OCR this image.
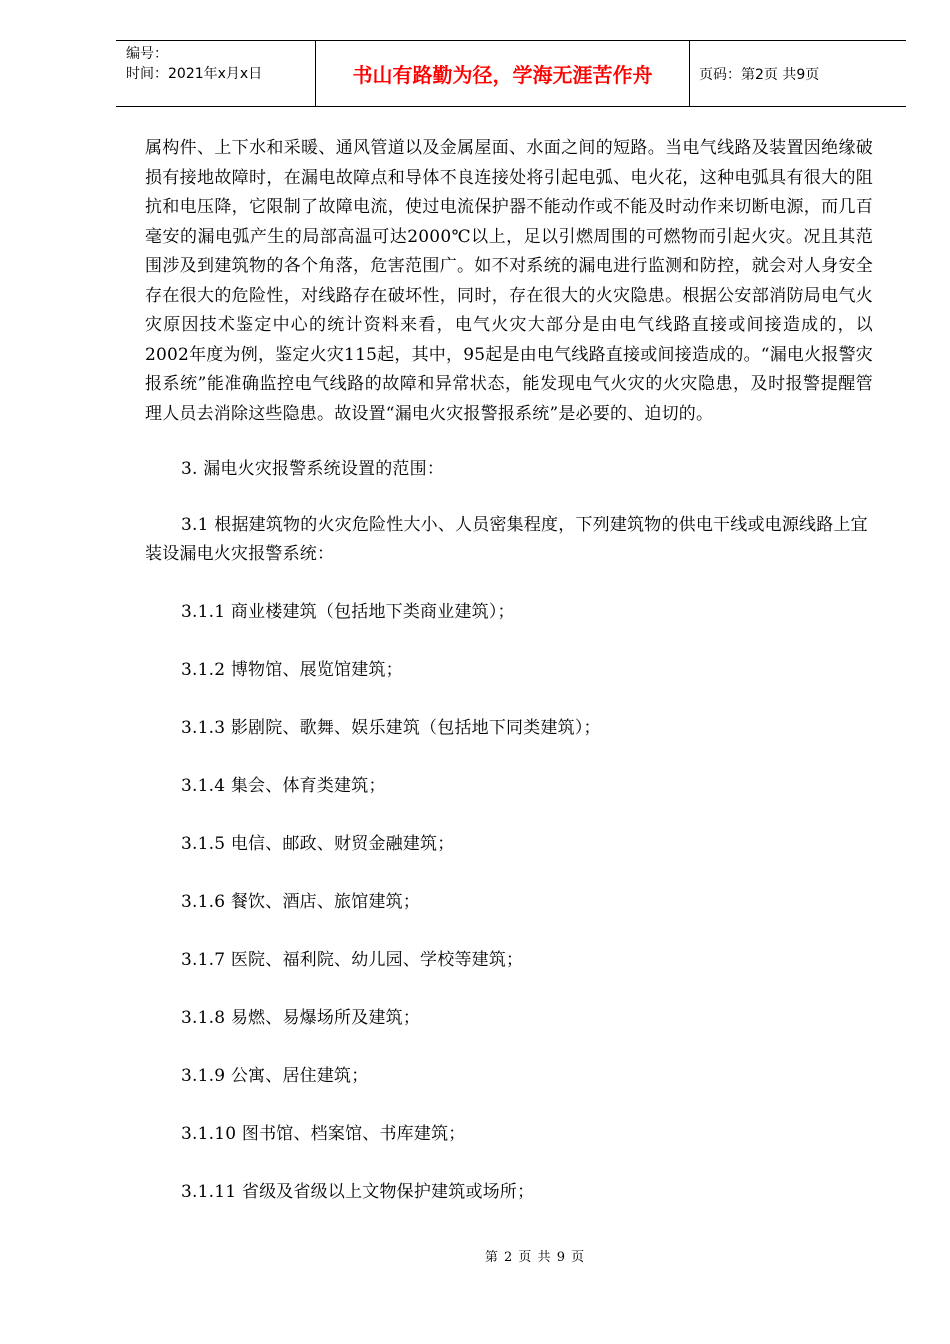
编号：
时间：2021年x月x日	书山有路勤为径，学海无涯苦作舟	页码：第2页 共9页

属构件、上下水和采暖、通风管道以及金属屋面、水面之间的短路。当电气线路及装置因绝缘破损有接地故障时，在漏电故障点和导体不良连接处将引起电弧、电火花，这种电弧具有很大的阻抗和电压降，它限制了故障电流，使过电流保护器不能动作或不能及时动作来切断电源，而几百毫安的漏电弧产生的局部高温可达2000℃以上，足以引燃周围的可燃物而引起火灾。况且其范围涉及到建筑物的各个角落，危害范围广。如不对系统的漏电进行监测和防控，就会对人身安全存在很大的危险性，对线路存在破坏性，同时，存在很大的火灾隐患。根据公安部消防局电气火灾原因技术鉴定中心的统计资料来看，电气火灾大部分是由电气线路直接或间接造成的，以2002年度为例，鉴定火灾115起，其中，95起是由电气线路直接或间接造成的。“漏电火报警灾报系统”能准确监控电气线路的故障和异常状态，能发现电气火灾的火灾隐患，及时报警提醒管理人员去消除这些隐患。故设置“漏电火灾报警报系统”是必要的、迫切的。

3. 漏电火灾报警系统设置的范围：

3.1 根据建筑物的火灾危险性大小、人员密集程度，下列建筑物的供电干线或电源线路上宜装设漏电火灾报警系统：

3.1.1 商业楼建筑（包括地下类商业建筑）；

3.1.2 博物馆、展览馆建筑；

3.1.3 影剧院、歌舞、娱乐建筑（包括地下同类建筑）；

3.1.4 集会、体育类建筑；

3.1.5 电信、邮政、财贸金融建筑；

3.1.6 餐饮、酒店、旅馆建筑；

3.1.7 医院、福利院、幼儿园、学校等建筑；

3.1.8 易燃、易爆场所及建筑；

3.1.9 公寓、居住建筑；

3.1.10 图书馆、档案馆、书库建筑；

3.1.11 省级及省级以上文物保护建筑或场所；

第 2 页 共 9 页
